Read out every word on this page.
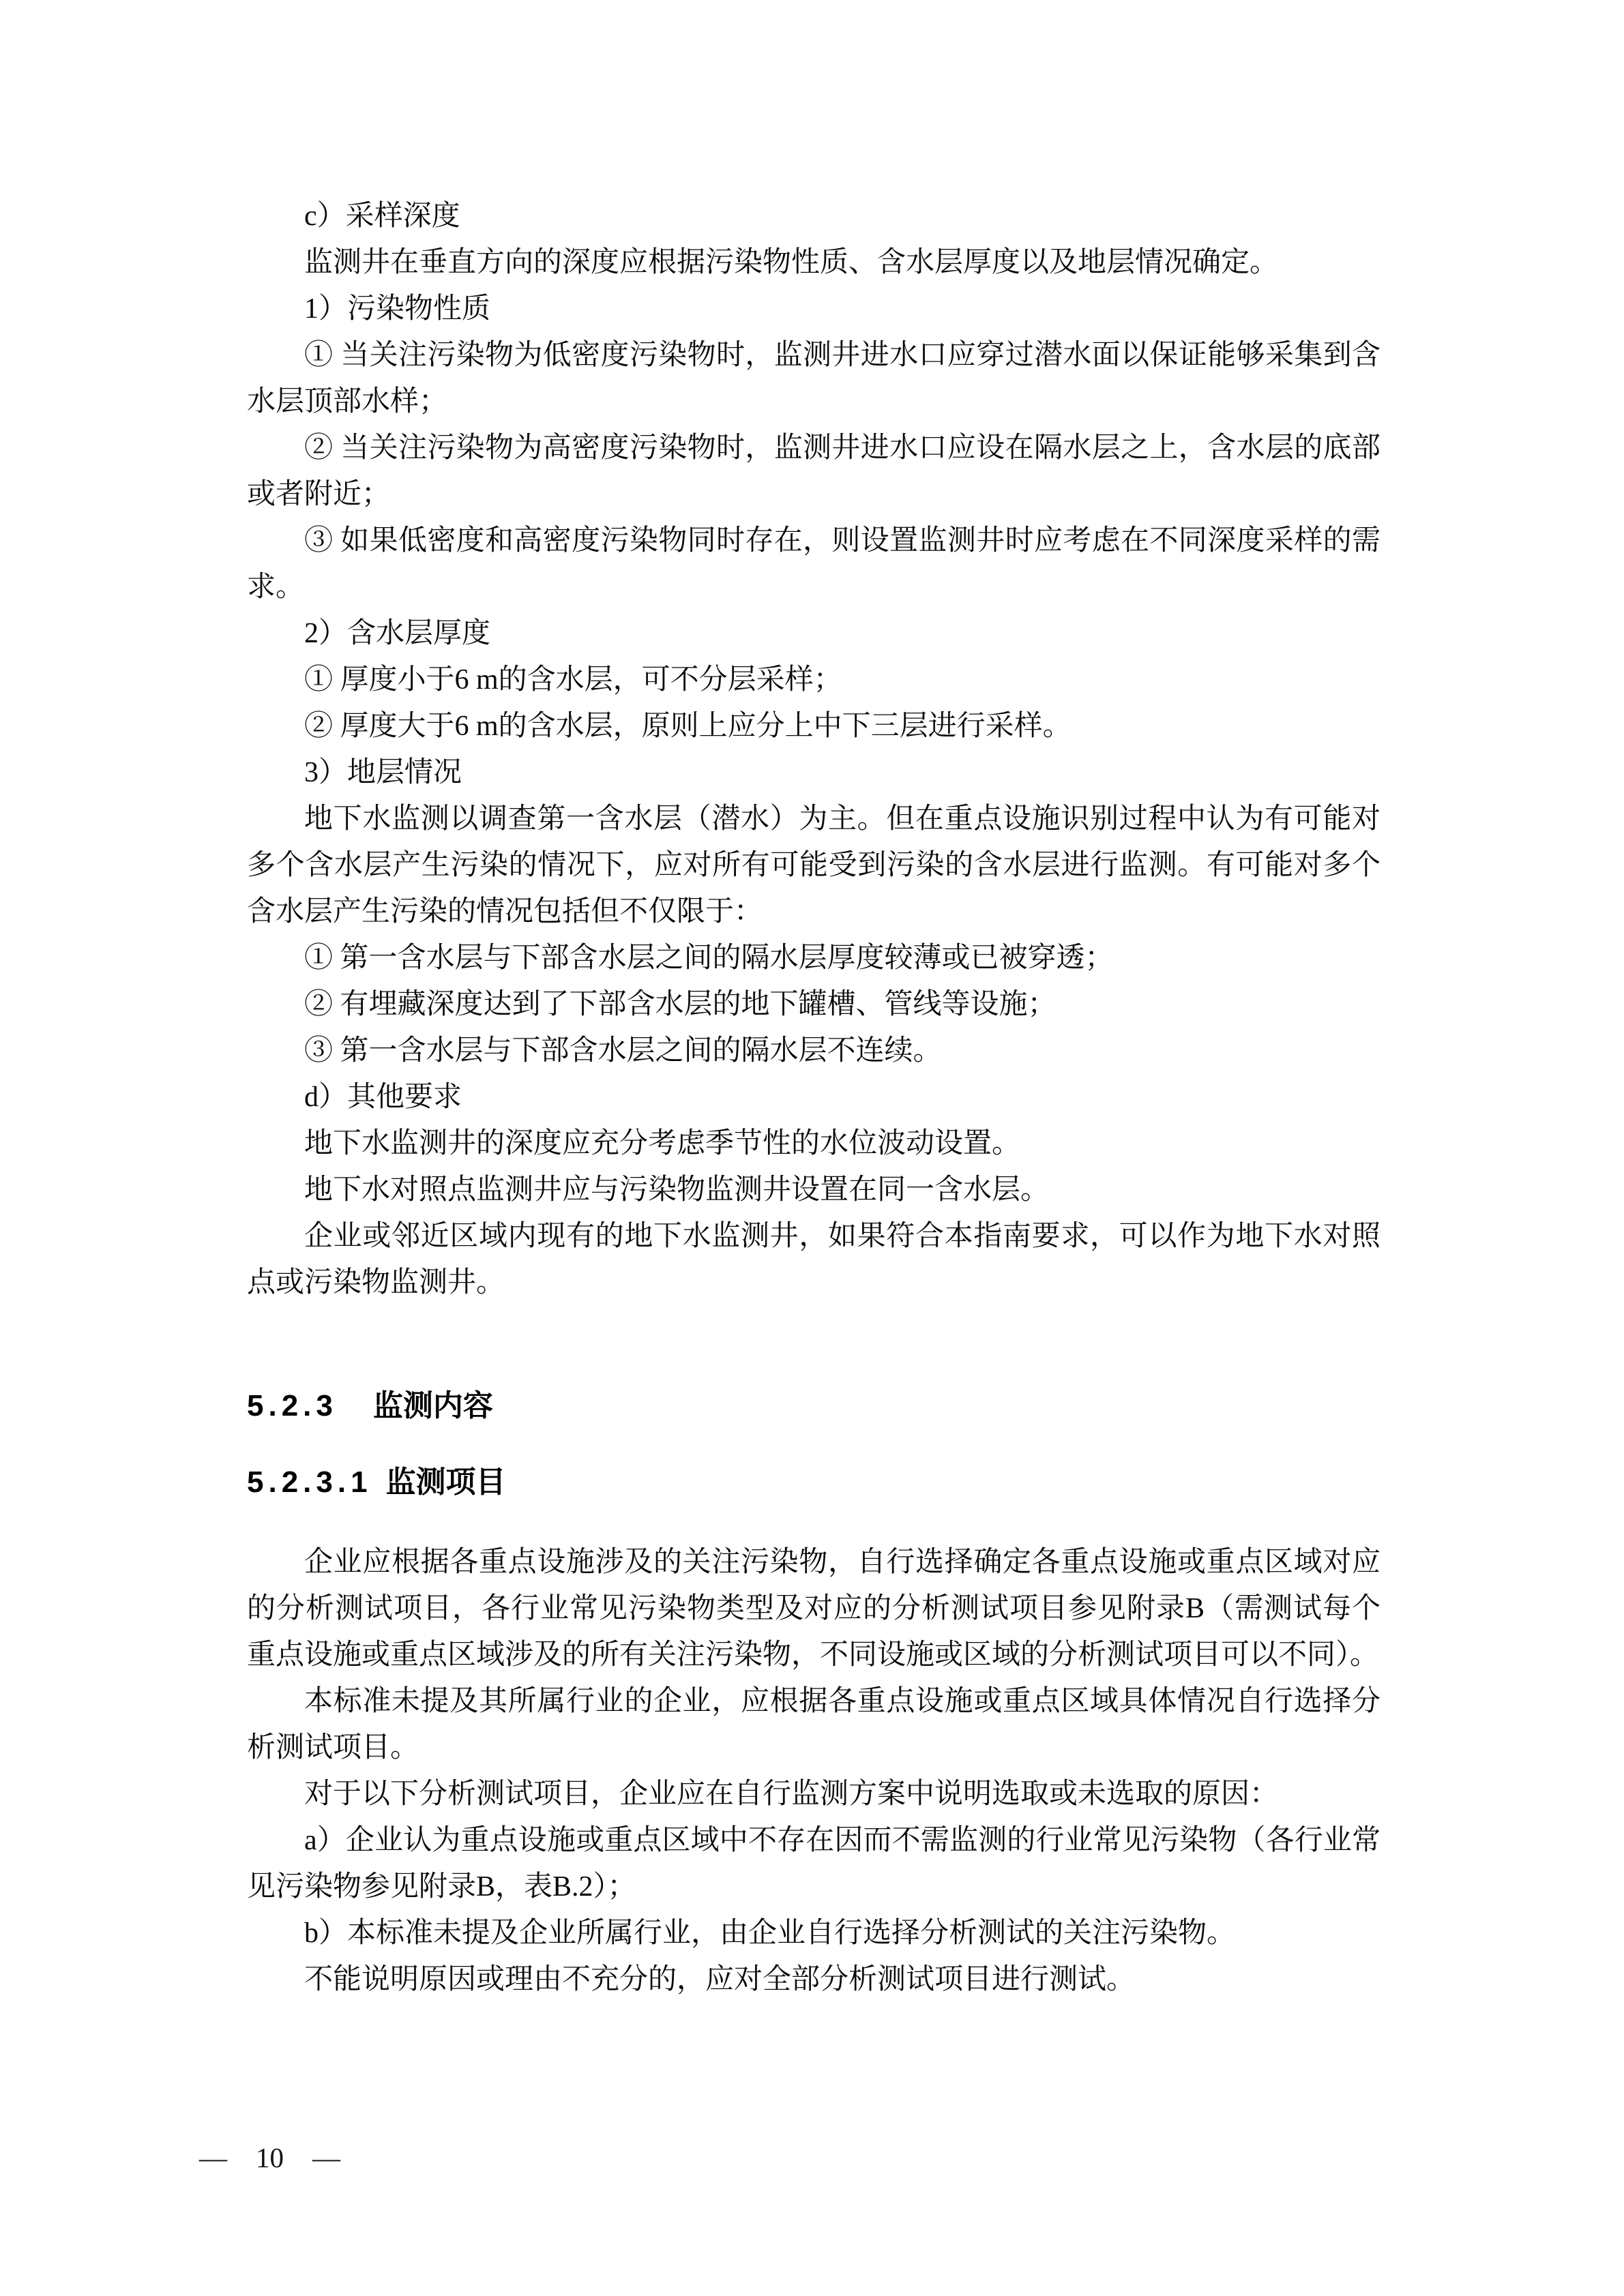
c）采样深度

监测井在垂直方向的深度应根据污染物性质、含水层厚度以及地层情况确定。

1）污染物性质

① 当关注污染物为低密度污染物时，监测井进水口应穿过潜水面以保证能够采集到含水层顶部水样；

② 当关注污染物为高密度污染物时，监测井进水口应设在隔水层之上，含水层的底部或者附近；

③ 如果低密度和高密度污染物同时存在，则设置监测井时应考虑在不同深度采样的需求。

2）含水层厚度

① 厚度小于6 m的含水层，可不分层采样；

② 厚度大于6 m的含水层，原则上应分上中下三层进行采样。

3）地层情况

地下水监测以调查第一含水层（潜水）为主。但在重点设施识别过程中认为有可能对多个含水层产生污染的情况下，应对所有可能受到污染的含水层进行监测。有可能对多个含水层产生污染的情况包括但不仅限于：

① 第一含水层与下部含水层之间的隔水层厚度较薄或已被穿透；

② 有埋藏深度达到了下部含水层的地下罐槽、管线等设施；

③ 第一含水层与下部含水层之间的隔水层不连续。

d）其他要求

地下水监测井的深度应充分考虑季节性的水位波动设置。

地下水对照点监测井应与污染物监测井设置在同一含水层。

企业或邻近区域内现有的地下水监测井，如果符合本指南要求，可以作为地下水对照点或污染物监测井。

5.2.3 监测内容
5.2.3.1 监测项目

企业应根据各重点设施涉及的关注污染物，自行选择确定各重点设施或重点区域对应的分析测试项目，各行业常见污染物类型及对应的分析测试项目参见附录B（需测试每个重点设施或重点区域涉及的所有关注污染物，不同设施或区域的分析测试项目可以不同）。

本标准未提及其所属行业的企业，应根据各重点设施或重点区域具体情况自行选择分析测试项目。

对于以下分析测试项目，企业应在自行监测方案中说明选取或未选取的原因：

a）企业认为重点设施或重点区域中不存在因而不需监测的行业常见污染物（各行业常见污染物参见附录B，表B.2）；

b）本标准未提及企业所属行业，由企业自行选择分析测试的关注污染物。

不能说明原因或理由不充分的，应对全部分析测试项目进行测试。

— 10 —
